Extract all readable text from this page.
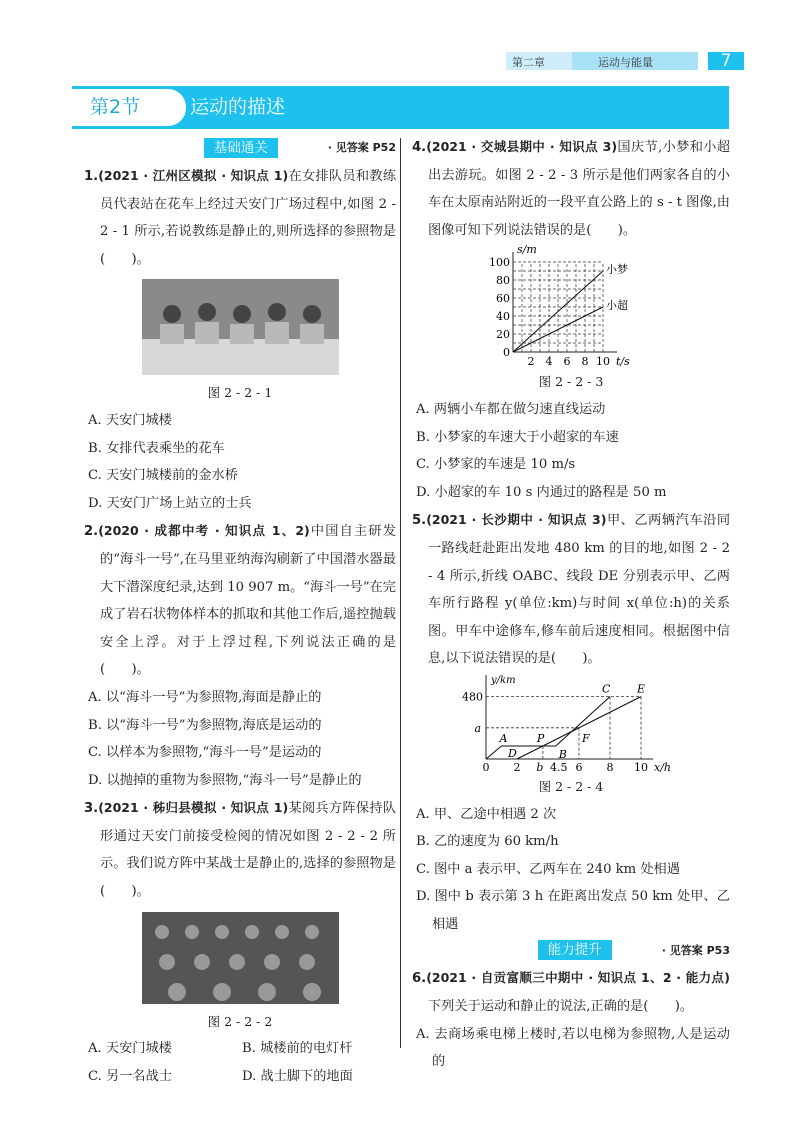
第二章	运动与能量	7
第2节	运动的描述
基础通关	· 见答案 P52
1.(2021 · 江州区模拟 · 知识点 1)在女排队员和教练员代表站在花车上经过天安门广场过程中,如图 2 - 2 - 1 所示,若说教练是静止的,则所选择的参照物是(　　)。
图 2 - 2 - 1
A. 天安门城楼
B. 女排代表乘坐的花车
C. 天安门城楼前的金水桥
D. 天安门广场上站立的士兵
2.(2020 · 成都中考 · 知识点 1、2)中国自主研发的“海斗一号”,在马里亚纳海沟刷新了中国潜水器最大下潜深度纪录,达到 10 907 m。“海斗一号”在完成了岩石状物体样本的抓取和其他工作后,遥控抛载安全上浮。对于上浮过程,下列说法正确的是(　　)。
A. 以“海斗一号”为参照物,海面是静止的
B. 以“海斗一号”为参照物,海底是运动的
C. 以样本为参照物,“海斗一号”是运动的
D. 以抛掉的重物为参照物,“海斗一号”是静止的
3.(2021 · 秭归县模拟 · 知识点 1)某阅兵方阵保持队形通过天安门前接受检阅的情况如图 2 - 2 - 2 所示。我们说方阵中某战士是静止的,选择的参照物是(　　)。
图 2 - 2 - 2
A. 天安门城楼	B. 城楼前的电灯杆
C. 另一名战士	D. 战士脚下的地面
4.(2021 · 交城县期中 · 知识点 3)国庆节,小梦和小超出去游玩。如图 2 - 2 - 3 所示是他们两家各自的小车在太原南站附近的一段平直公路上的 s - t 图像,由图像可知下列说法错误的是(　　)。
2 4 6 8 10
0
20
40
60
80
100
s/m
t/s
小梦
小超
图 2 - 2 - 3
A. 两辆小车都在做匀速直线运动
B. 小梦家的车速大于小超家的车速
C. 小梦家的车速是 10 m/s
D. 小超家的车 10 s 内通过的路程是 50 m
5.(2021 · 长沙期中 · 知识点 3)甲、乙两辆汽车沿同一路线赶赴距出发地 480 km 的目的地,如图 2 - 2 - 4 所示,折线 OABC、线段 DE 分别表示甲、乙两车所行路程 y(单位:km)与时间 x(单位:h)的关系图。甲车中途修车,修车前后速度相同。根据图中信息,以下说法错误的是(　　)。
0 2 b 4.5 6 8 10
480
a
y/km
x/h
A
D
P
B
F
C E
图 2 - 2 - 4
A. 甲、乙途中相遇 2 次
B. 乙的速度为 60 km/h
C. 图中 a 表示甲、乙两车在 240 km 处相遇
D. 图中 b 表示第 3 h 在距离出发点 50 km 处甲、乙相遇
能力提升	· 见答案 P53
6.(2021 · 自贡富顺三中期中 · 知识点 1、2 · 能力点)下列关于运动和静止的说法,正确的是(　　)。
A. 去商场乘电梯上楼时,若以电梯为参照物,人是运动的
